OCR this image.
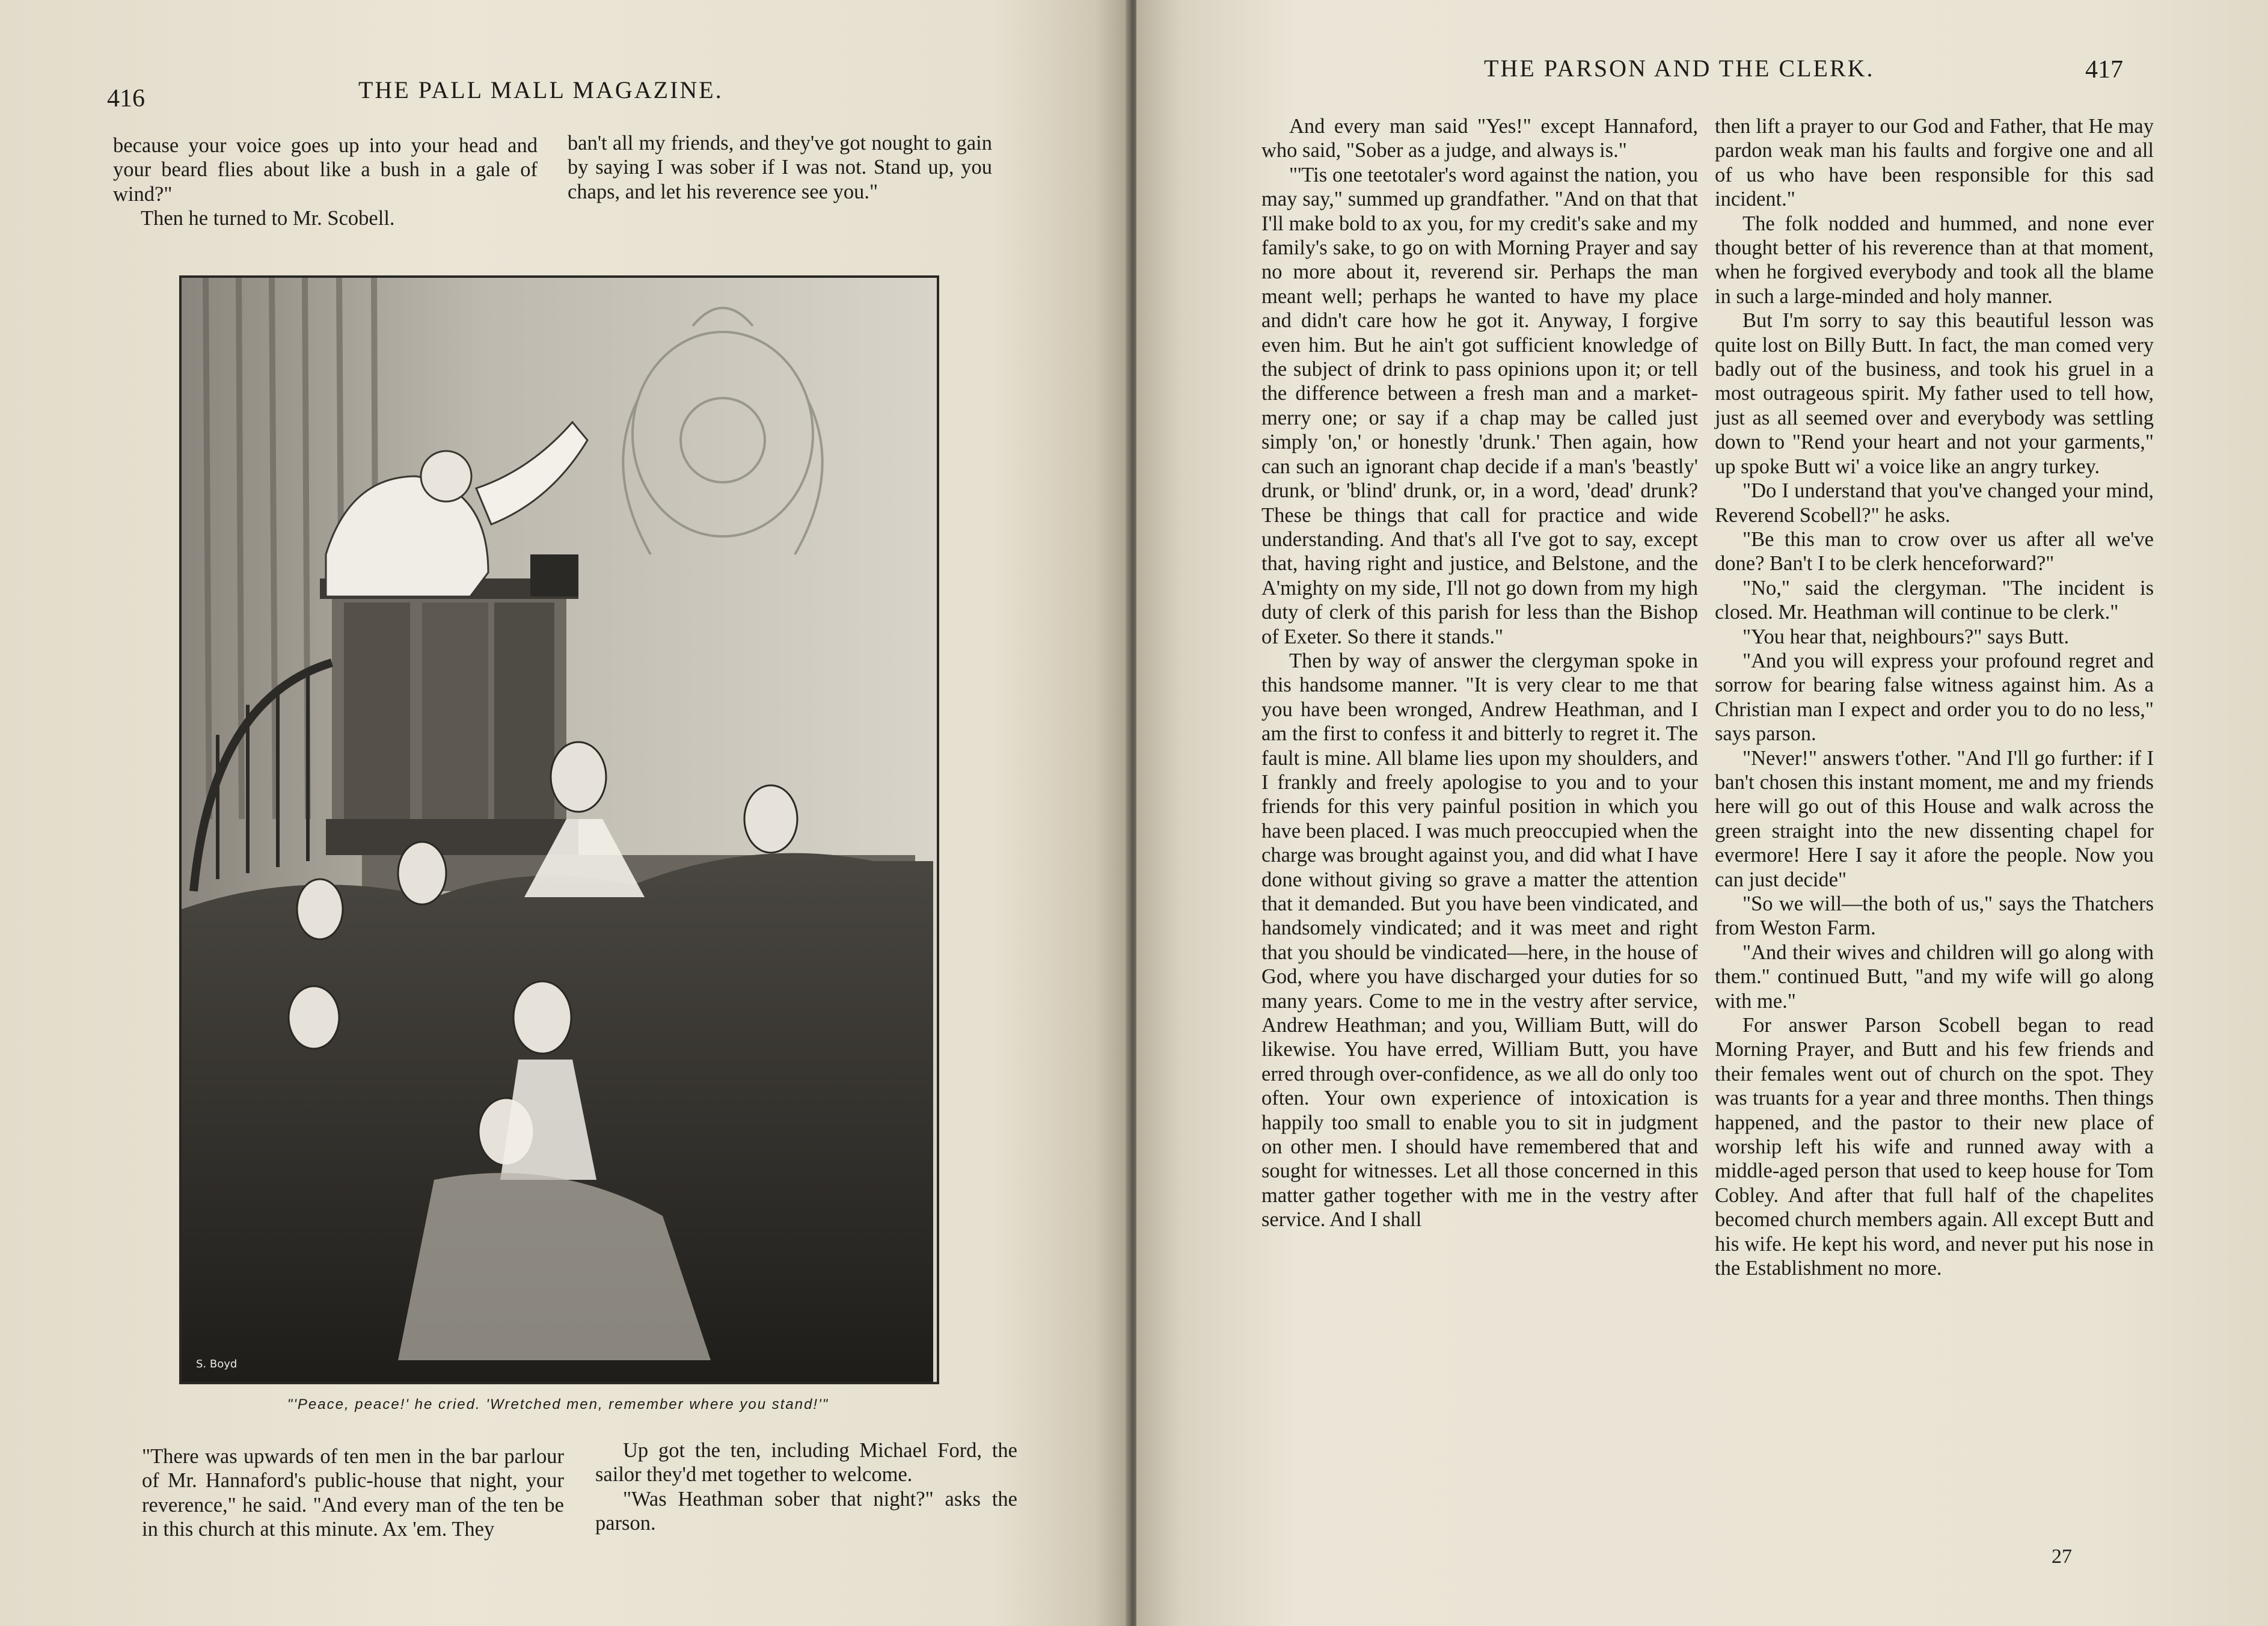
416	THE PALL MALL MAGAZINE.

because your voice goes up into your head and your beard flies about like a bush in a gale of wind?"

Then he turned to Mr. Scobell.

ban't all my friends, and they've got nought to gain by saying I was sober if I was not. Stand up, you chaps, and let his reverence see you."

S. Boyd
"'Peace, peace!' he cried. 'Wretched men, remember where you stand!'"

"There was upwards of ten men in the bar parlour of Mr. Hannaford's public-house that night, your reverence," he said. "And every man of the ten be in this church at this minute. Ax 'em. They

Up got the ten, including Michael Ford, the sailor they'd met together to welcome.

"Was Heathman sober that night?" asks the parson.

THE PARSON AND THE CLERK.	417

And every man said "Yes!" except Hannaford, who said, "Sober as a judge, and always is."

"'Tis one teetotaler's word against the nation, you may say," summed up grandfather. "And on that that I'll make bold to ax you, for my credit's sake and my family's sake, to go on with Morning Prayer and say no more about it, reverend sir. Perhaps the man meant well; perhaps he wanted to have my place and didn't care how he got it. Anyway, I forgive even him. But he ain't got sufficient knowledge of the subject of drink to pass opinions upon it; or tell the difference between a fresh man and a market-merry one; or say if a chap may be called just simply 'on,' or honestly 'drunk.' Then again, how can such an ignorant chap decide if a man's 'beastly' drunk, or 'blind' drunk, or, in a word, 'dead' drunk? These be things that call for practice and wide understanding. And that's all I've got to say, except that, having right and justice, and Belstone, and the A'mighty on my side, I'll not go down from my high duty of clerk of this parish for less than the Bishop of Exeter. So there it stands."

Then by way of answer the clergyman spoke in this handsome manner. "It is very clear to me that you have been wronged, Andrew Heathman, and I am the first to confess it and bitterly to regret it. The fault is mine. All blame lies upon my shoulders, and I frankly and freely apologise to you and to your friends for this very painful position in which you have been placed. I was much preoccupied when the charge was brought against you, and did what I have done without giving so grave a matter the attention that it demanded. But you have been vindicated, and handsomely vindicated; and it was meet and right that you should be vindicated—here, in the house of God, where you have discharged your duties for so many years. Come to me in the vestry after service, Andrew Heathman; and you, William Butt, will do likewise. You have erred, William Butt, you have erred through over-confidence, as we all do only too often. Your own experience of intoxication is happily too small to enable you to sit in judgment on other men. I should have remembered that and sought for witnesses. Let all those concerned in this matter gather together with me in the vestry after service. And I shall

then lift a prayer to our God and Father, that He may pardon weak man his faults and forgive one and all of us who have been responsible for this sad incident."

The folk nodded and hummed, and none ever thought better of his reverence than at that moment, when he forgived everybody and took all the blame in such a large-minded and holy manner.

But I'm sorry to say this beautiful lesson was quite lost on Billy Butt. In fact, the man comed very badly out of the business, and took his gruel in a most outrageous spirit. My father used to tell how, just as all seemed over and everybody was settling down to "Rend your heart and not your garments," up spoke Butt wi' a voice like an angry turkey.

"Do I understand that you've changed your mind, Reverend Scobell?" he asks.

"Be this man to crow over us after all we've done? Ban't I to be clerk henceforward?"

"No," said the clergyman. "The incident is closed. Mr. Heathman will continue to be clerk."

"You hear that, neighbours?" says Butt.

"And you will express your profound regret and sorrow for bearing false witness against him. As a Christian man I expect and order you to do no less," says parson.

"Never!" answers t'other. "And I'll go further: if I ban't chosen this instant moment, me and my friends here will go out of this House and walk across the green straight into the new dissenting chapel for evermore! Here I say it afore the people. Now you can just decide"

"So we will—the both of us," says the Thatchers from Weston Farm.

"And their wives and children will go along with them." continued Butt, "and my wife will go along with me."

For answer Parson Scobell began to read Morning Prayer, and Butt and his few friends and their females went out of church on the spot. They was truants for a year and three months. Then things happened, and the pastor to their new place of worship left his wife and runned away with a middle-aged person that used to keep house for Tom Cobley. And after that full half of the chapelites becomed church members again. All except Butt and his wife. He kept his word, and never put his nose in the Establishment no more.

27
